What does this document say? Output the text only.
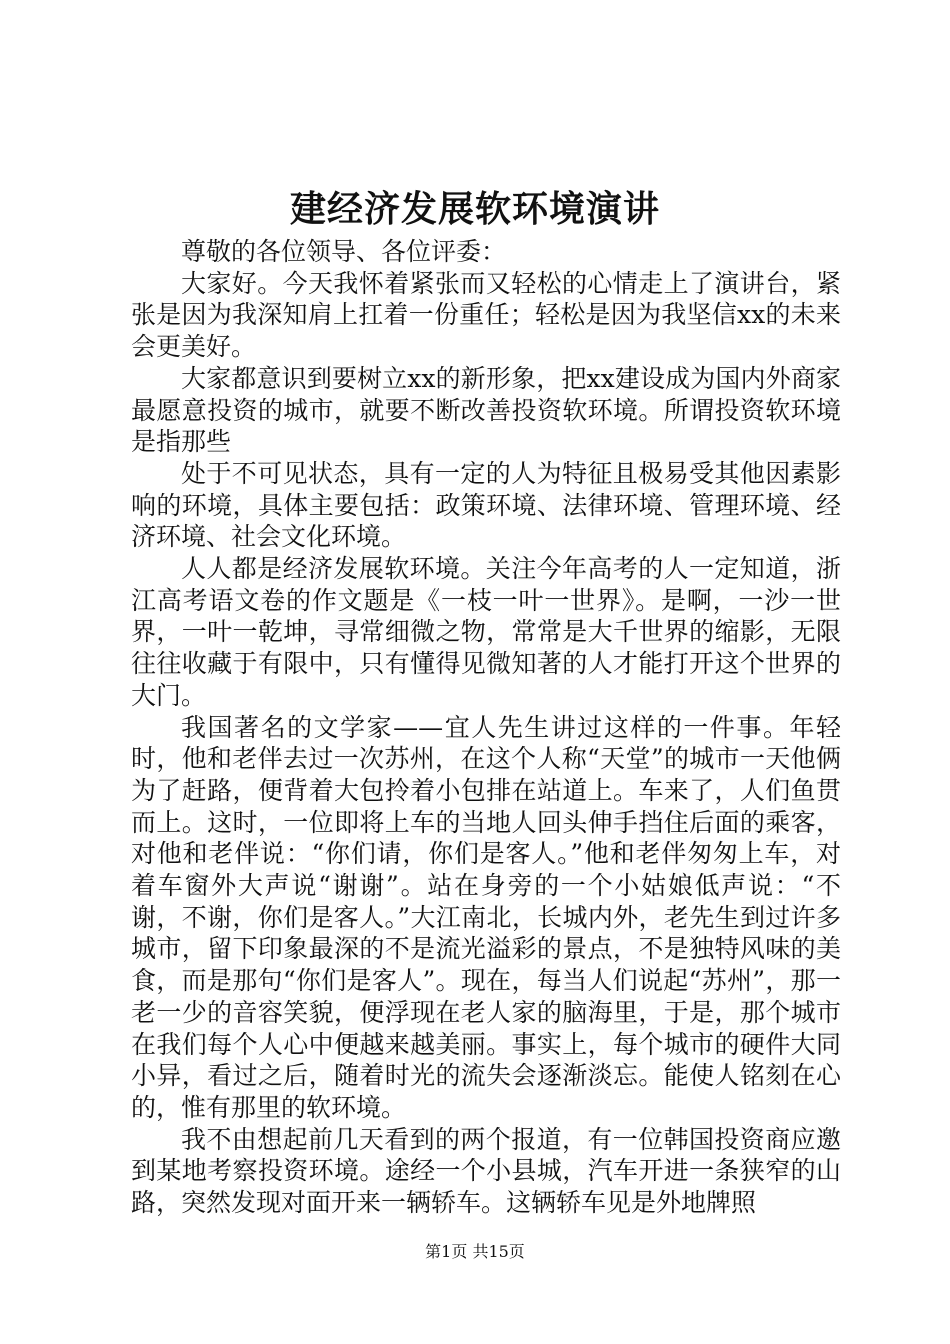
建经济发展软环境演讲

尊敬的各位领导、各位评委：

大家好。今天我怀着紧张而又轻松的心情走上了演讲台，紧张是因为我深知肩上扛着一份重任；轻松是因为我坚信xx的未来会更美好。

大家都意识到要树立xx的新形象，把xx建设成为国内外商家最愿意投资的城市，就要不断改善投资软环境。所谓投资软环境是指那些

处于不可见状态，具有一定的人为特征且极易受其他因素影响的环境，具体主要包括：政策环境、法律环境、管理环境、经济环境、社会文化环境。

人人都是经济发展软环境。关注今年高考的人一定知道，浙江高考语文卷的作文题是《一枝一叶一世界》。是啊，一沙一世界，一叶一乾坤，寻常细微之物，常常是大千世界的缩影，无限往往收藏于有限中，只有懂得见微知著的人才能打开这个世界的大门。

我国著名的文学家——宜人先生讲过这样的一件事。年轻时，他和老伴去过一次苏州，在这个人称“天堂”的城市一天他俩为了赶路，便背着大包拎着小包排在站道上。车来了，人们鱼贯而上。这时，一位即将上车的当地人回头伸手挡住后面的乘客，对他和老伴说：“你们请，你们是客人。”他和老伴匆匆上车，对着车窗外大声说“谢谢”。站在身旁的一个小姑娘低声说：“不谢，不谢，你们是客人。”大江南北，长城内外，老先生到过许多城市，留下印象最深的不是流光溢彩的景点，不是独特风味的美食，而是那句“你们是客人”。现在，每当人们说起“苏州”，那一老一少的音容笑貌，便浮现在老人家的脑海里，于是，那个城市在我们每个人心中便越来越美丽。事实上，每个城市的硬件大同小异，看过之后，随着时光的流失会逐渐淡忘。能使人铭刻在心的，惟有那里的软环境。

我不由想起前几天看到的两个报道，有一位韩国投资商应邀到某地考察投资环境。途经一个小县城，汽车开进一条狭窄的山路，突然发现对面开来一辆轿车。这辆轿车见是外地牌照

第1页 共15页
